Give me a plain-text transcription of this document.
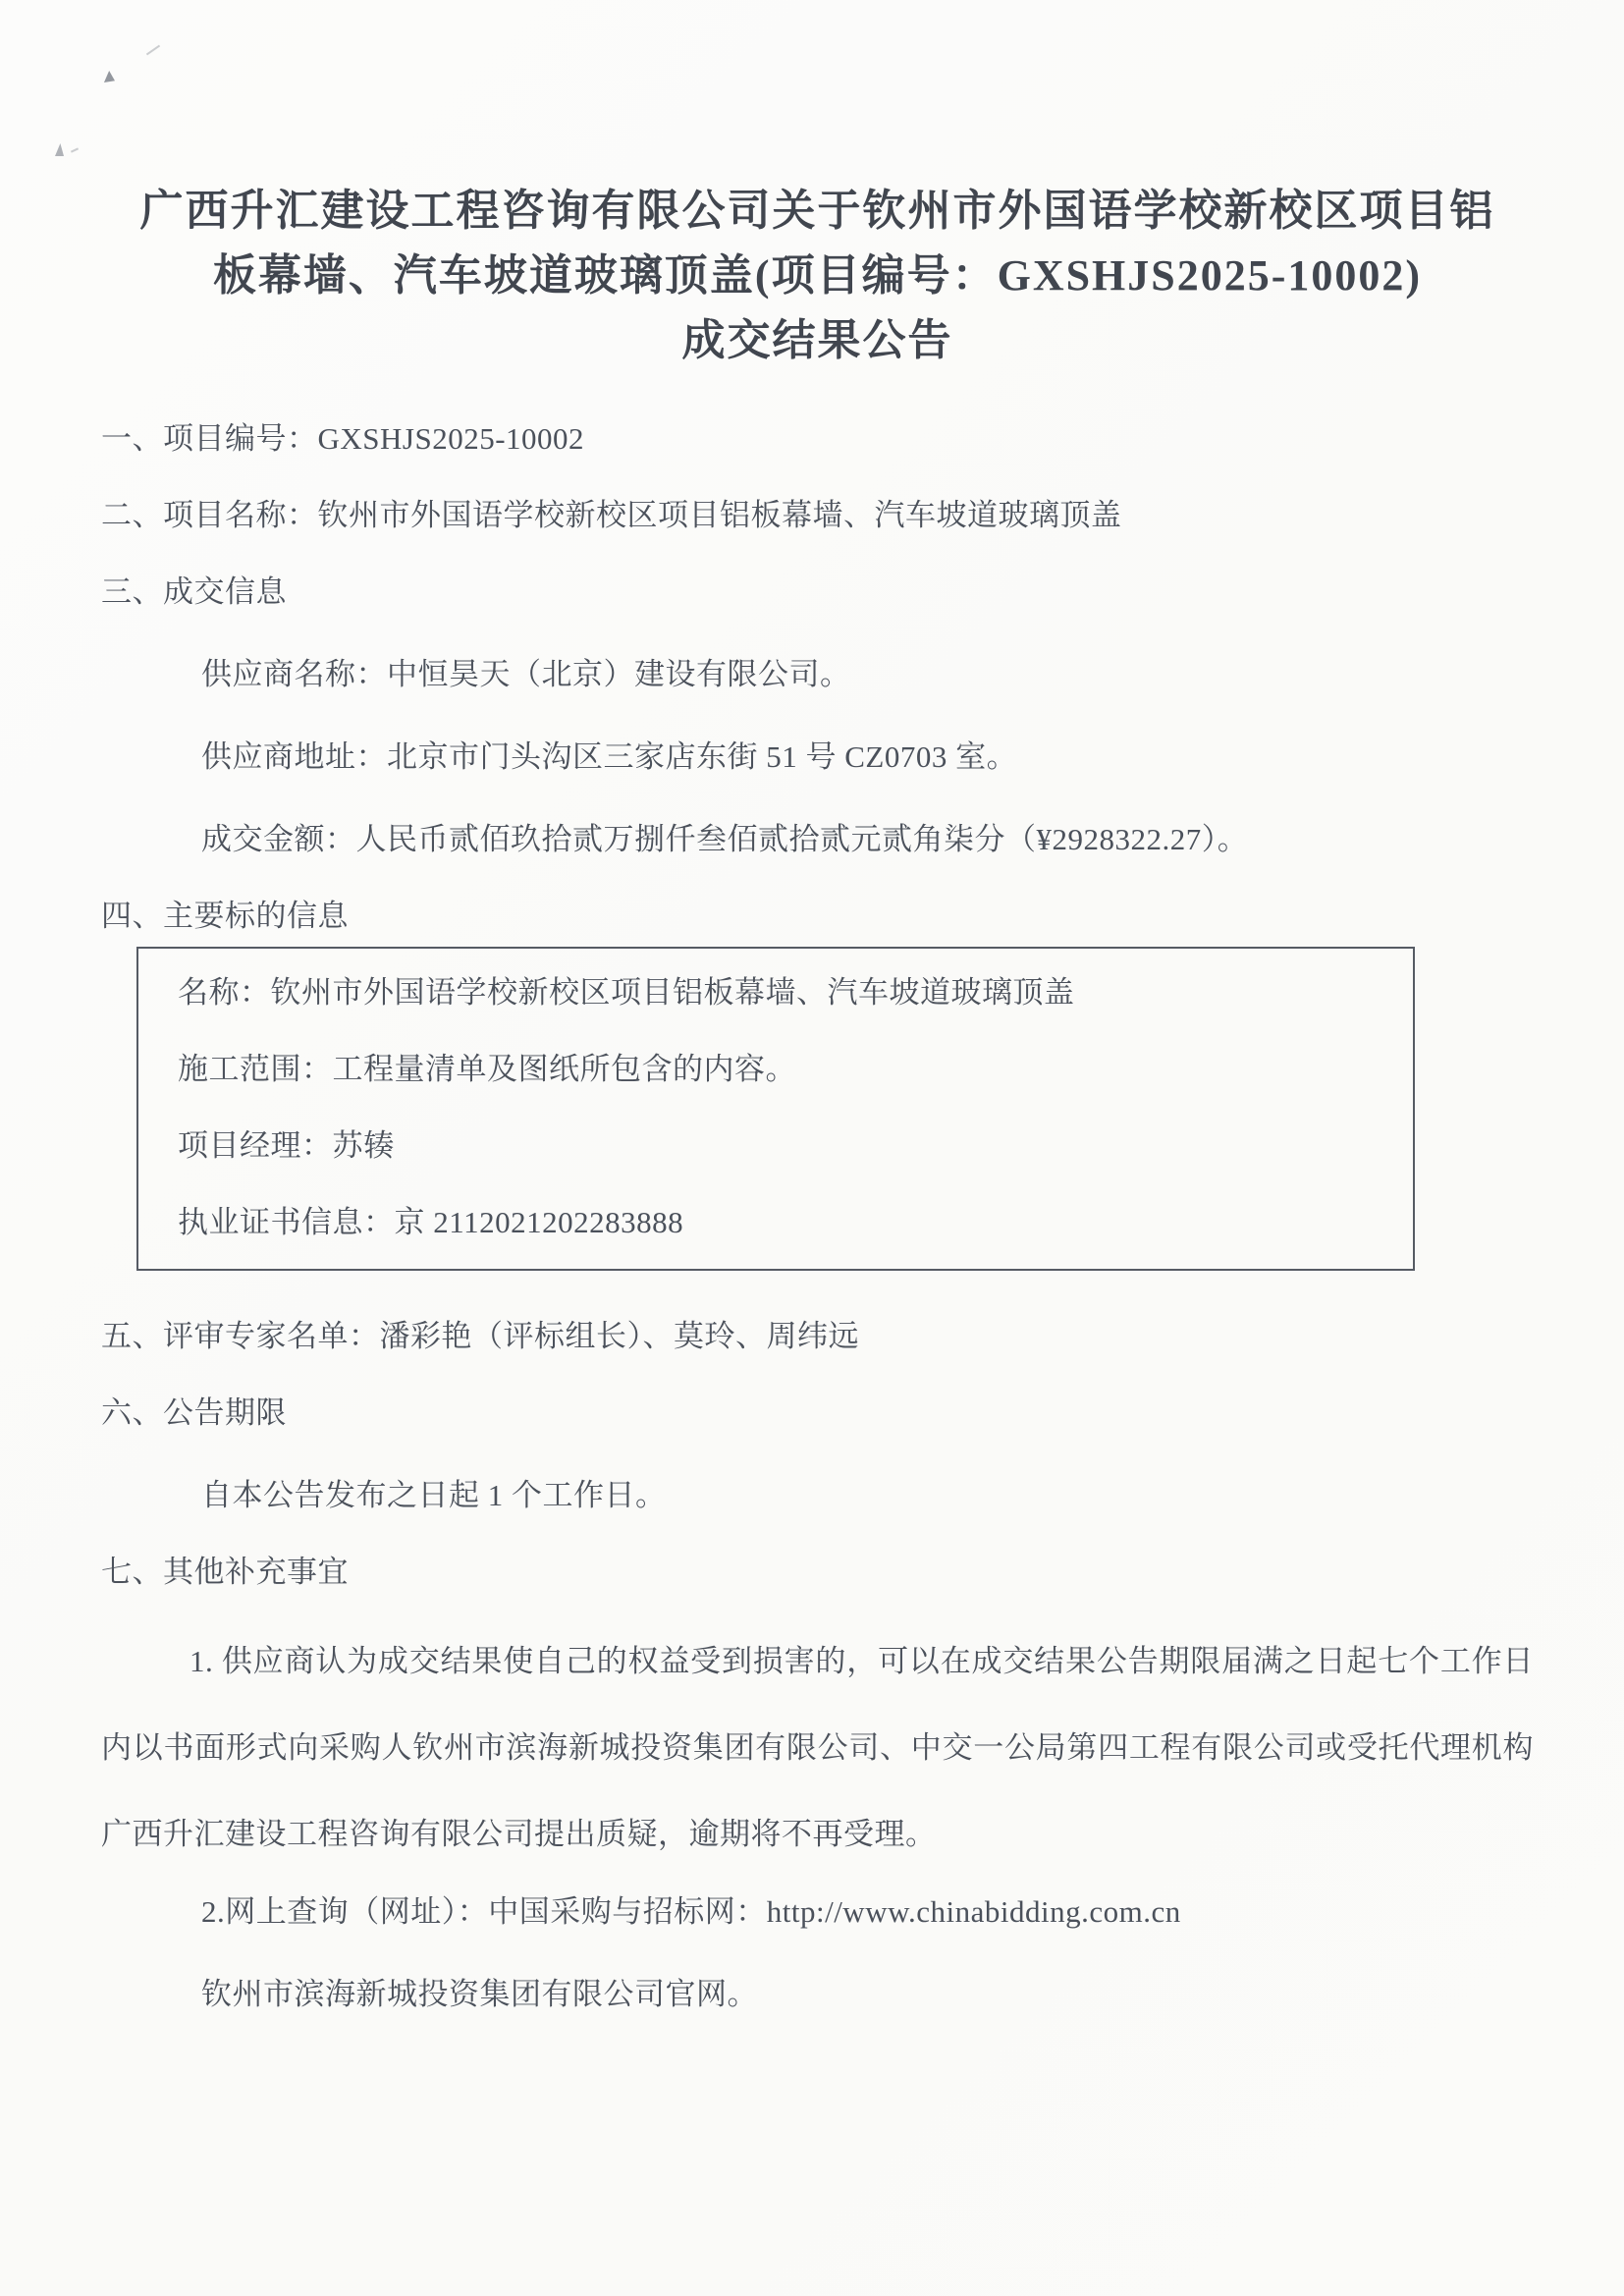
广西升汇建设工程咨询有限公司关于钦州市外国语学校新校区项目铝
板幕墙、汽车坡道玻璃顶盖(项目编号：GXSHJS2025-10002)
成交结果公告
一、项目编号：GXSHJS2025-10002
二、项目名称：钦州市外国语学校新校区项目铝板幕墙、汽车坡道玻璃顶盖
三、成交信息
供应商名称：中恒昊天（北京）建设有限公司。
供应商地址：北京市门头沟区三家店东街 51 号 CZ0703 室。
成交金额：人民币贰佰玖拾贰万捌仟叁佰贰拾贰元贰角柒分（¥2928322.27）。
四、主要标的信息
名称：钦州市外国语学校新校区项目铝板幕墙、汽车坡道玻璃顶盖
施工范围：工程量清单及图纸所包含的内容。
项目经理：苏辏
执业证书信息：京 2112021202283888
五、评审专家名单：潘彩艳（评标组长）、莫玲、周纬远
六、公告期限
自本公告发布之日起 1 个工作日。
七、其他补充事宜
1. 供应商认为成交结果使自己的权益受到损害的，可以在成交结果公告期限届满之日起七个工作日内以书面形式向采购人钦州市滨海新城投资集团有限公司、中交一公局第四工程有限公司或受托代理机构广西升汇建设工程咨询有限公司提出质疑，逾期将不再受理。
2.网上查询（网址）：中国采购与招标网：http://www.chinabidding.com.cn
钦州市滨海新城投资集团有限公司官网。
